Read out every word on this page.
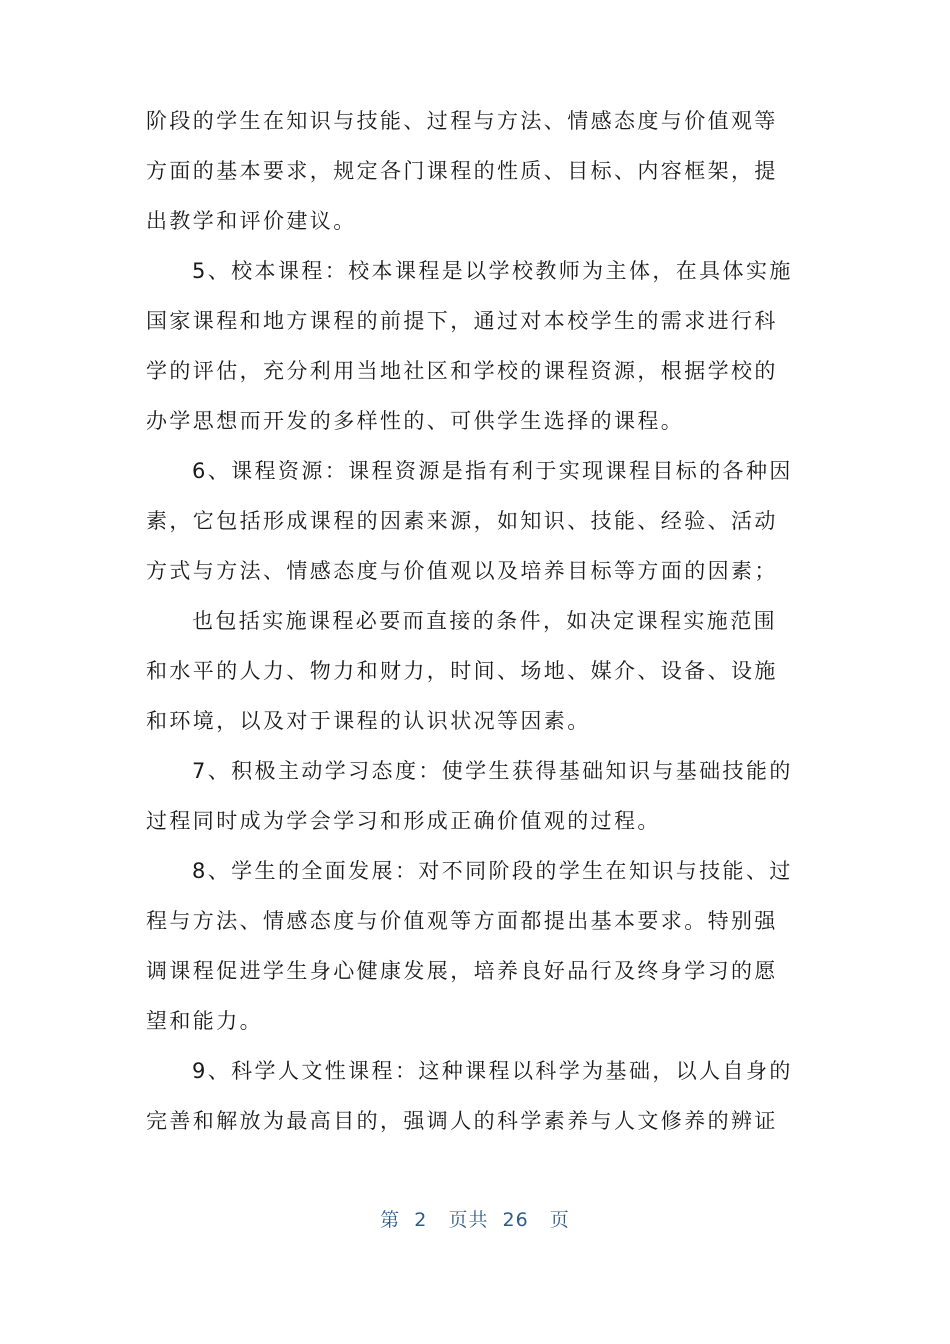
阶段的学生在知识与技能、过程与方法、情感态度与价值观等
方面的基本要求，规定各门课程的性质、目标、内容框架，提
出教学和评价建议。
5、校本课程：校本课程是以学校教师为主体，在具体实施
国家课程和地方课程的前提下，通过对本校学生的需求进行科
学的评估，充分利用当地社区和学校的课程资源，根据学校的
办学思想而开发的多样性的、可供学生选择的课程。
6、课程资源：课程资源是指有利于实现课程目标的各种因
素，它包括形成课程的因素来源，如知识、技能、经验、活动
方式与方法、情感态度与价值观以及培养目标等方面的因素；
也包括实施课程必要而直接的条件，如决定课程实施范围
和水平的人力、物力和财力，时间、场地、媒介、设备、设施
和环境，以及对于课程的认识状况等因素。
7、积极主动学习态度：使学生获得基础知识与基础技能的
过程同时成为学会学习和形成正确价值观的过程。
8、学生的全面发展：对不同阶段的学生在知识与技能、过
程与方法、情感态度与价值观等方面都提出基本要求。特别强
调课程促进学生身心健康发展，培养良好品行及终身学习的愿
望和能力。
9、科学人文性课程：这种课程以科学为基础，以人自身的
完善和解放为最高目的，强调人的科学素养与人文修养的辨证
第  2   页共  26   页
